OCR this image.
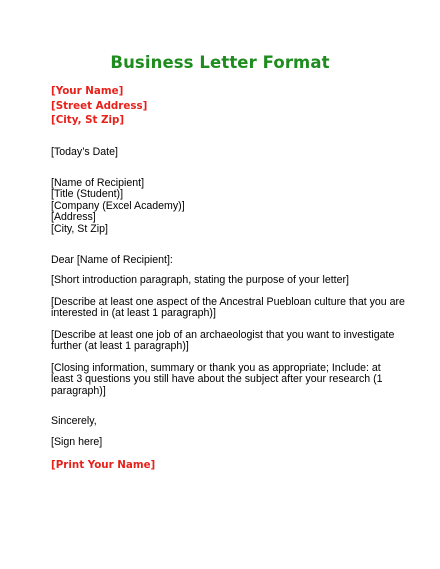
Business Letter Format
[Your Name]
[Street Address]
[City, St Zip]
[Today’s Date]
[Name of Recipient]
[Title (Student)]
[Company (Excel Academy)]
[Address]
[City, St Zip]
Dear [Name of Recipient]:
[Short introduction paragraph, stating the purpose of your letter]
[Describe at least one aspect of the Ancestral Puebloan culture that you are
interested in (at least 1 paragraph)]
[Describe at least one job of an archaeologist that you want to investigate
further (at least 1 paragraph)]
[Closing information, summary or thank you as appropriate; Include: at
least 3 questions you still have about the subject after your research (1
paragraph)]
Sincerely,
[Sign here]
[Print Your Name]
